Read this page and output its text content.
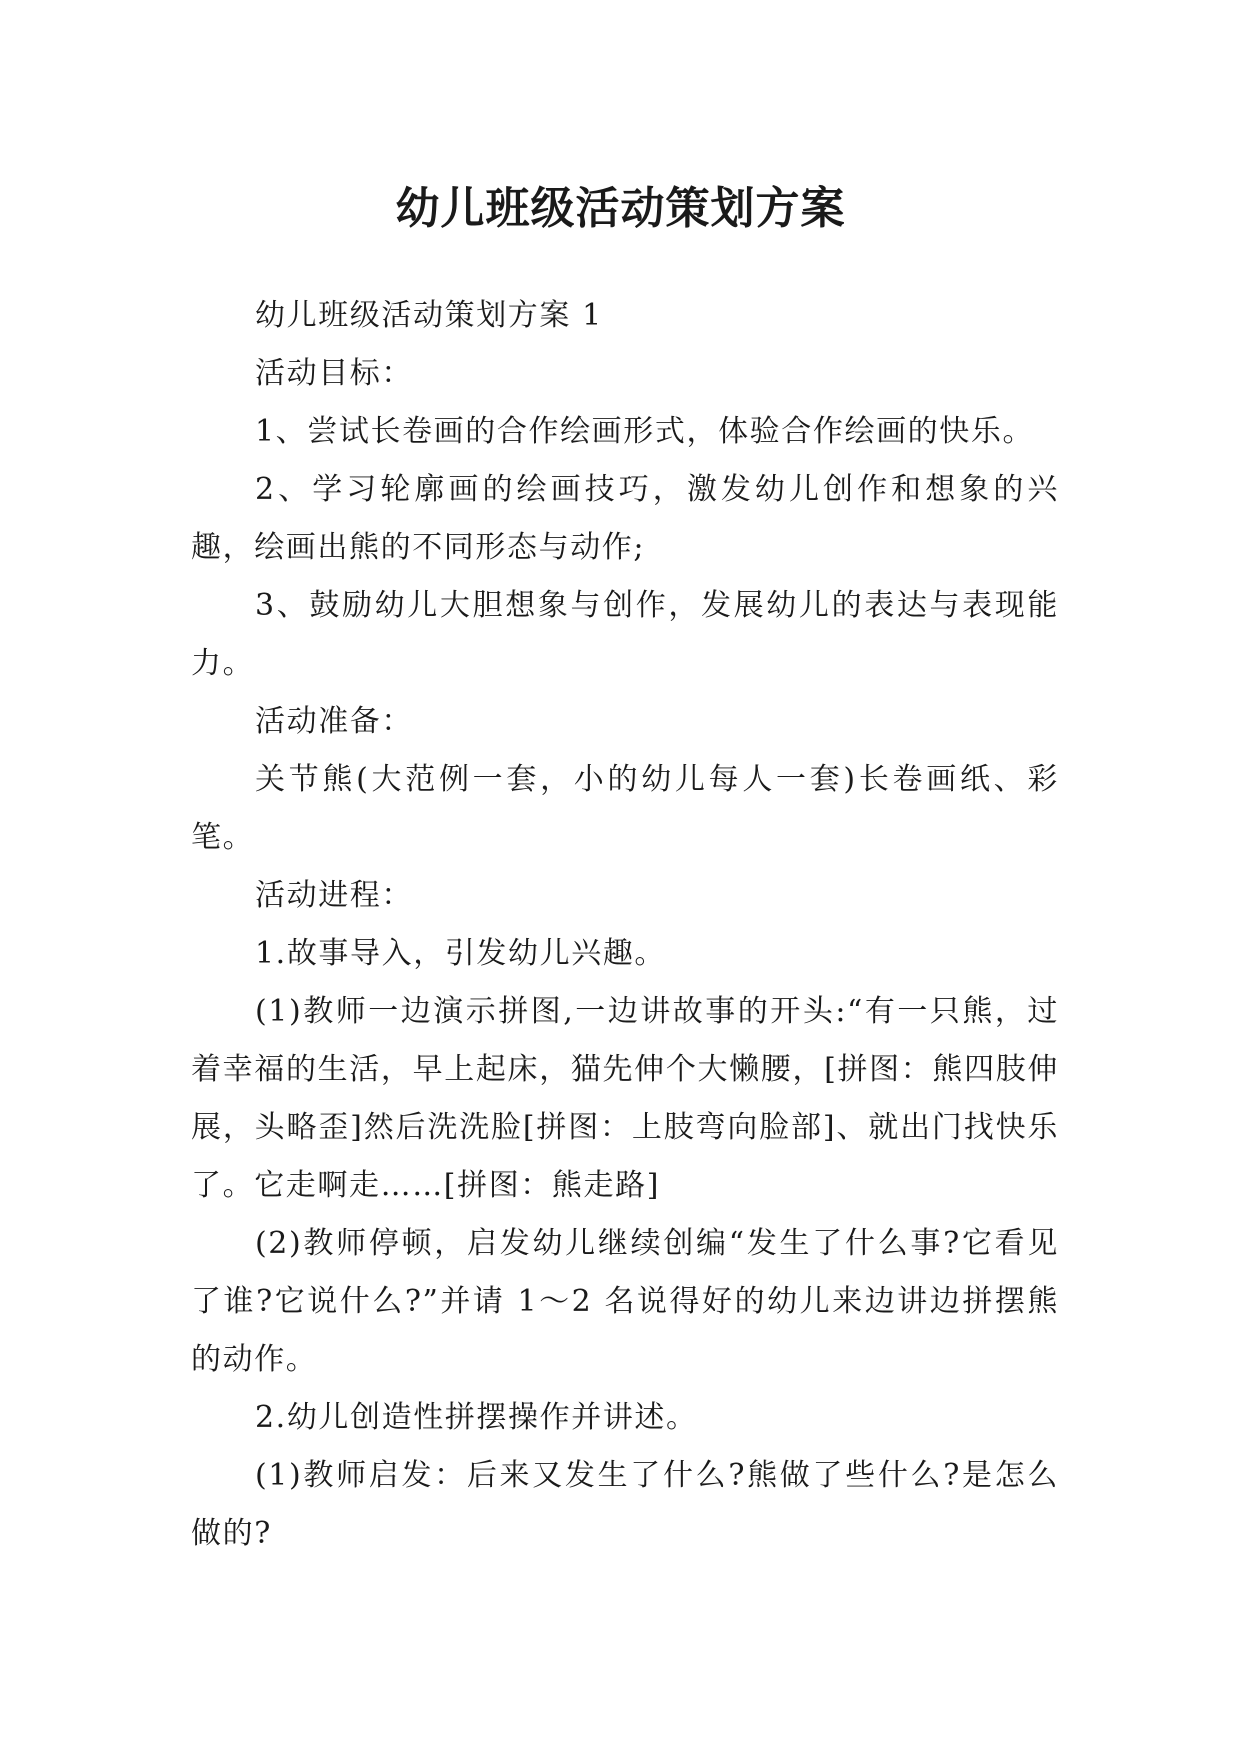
幼儿班级活动策划方案

幼儿班级活动策划方案 1

活动目标：

1、尝试长卷画的合作绘画形式，体验合作绘画的快乐。

2、学习轮廓画的绘画技巧，激发幼儿创作和想象的兴趣，绘画出熊的不同形态与动作;

3、鼓励幼儿大胆想象与创作，发展幼儿的表达与表现能力。

活动准备：

关节熊(大范例一套，小的幼儿每人一套)长卷画纸、彩笔。

活动进程：

1.故事导入，引发幼儿兴趣。

(1)教师一边演示拼图,一边讲故事的开头:“有一只熊，过着幸福的生活，早上起床，猫先伸个大懒腰，[拼图：熊四肢伸展，头略歪]然后洗洗脸[拼图：上肢弯向脸部]、就出门找快乐了。它走啊走……[拼图：熊走路]

(2)教师停顿，启发幼儿继续创编“发生了什么事?它看见了谁?它说什么?”并请 1～2 名说得好的幼儿来边讲边拼摆熊的动作。

2.幼儿创造性拼摆操作并讲述。

(1)教师启发：后来又发生了什么?熊做了些什么?是怎么做的?
